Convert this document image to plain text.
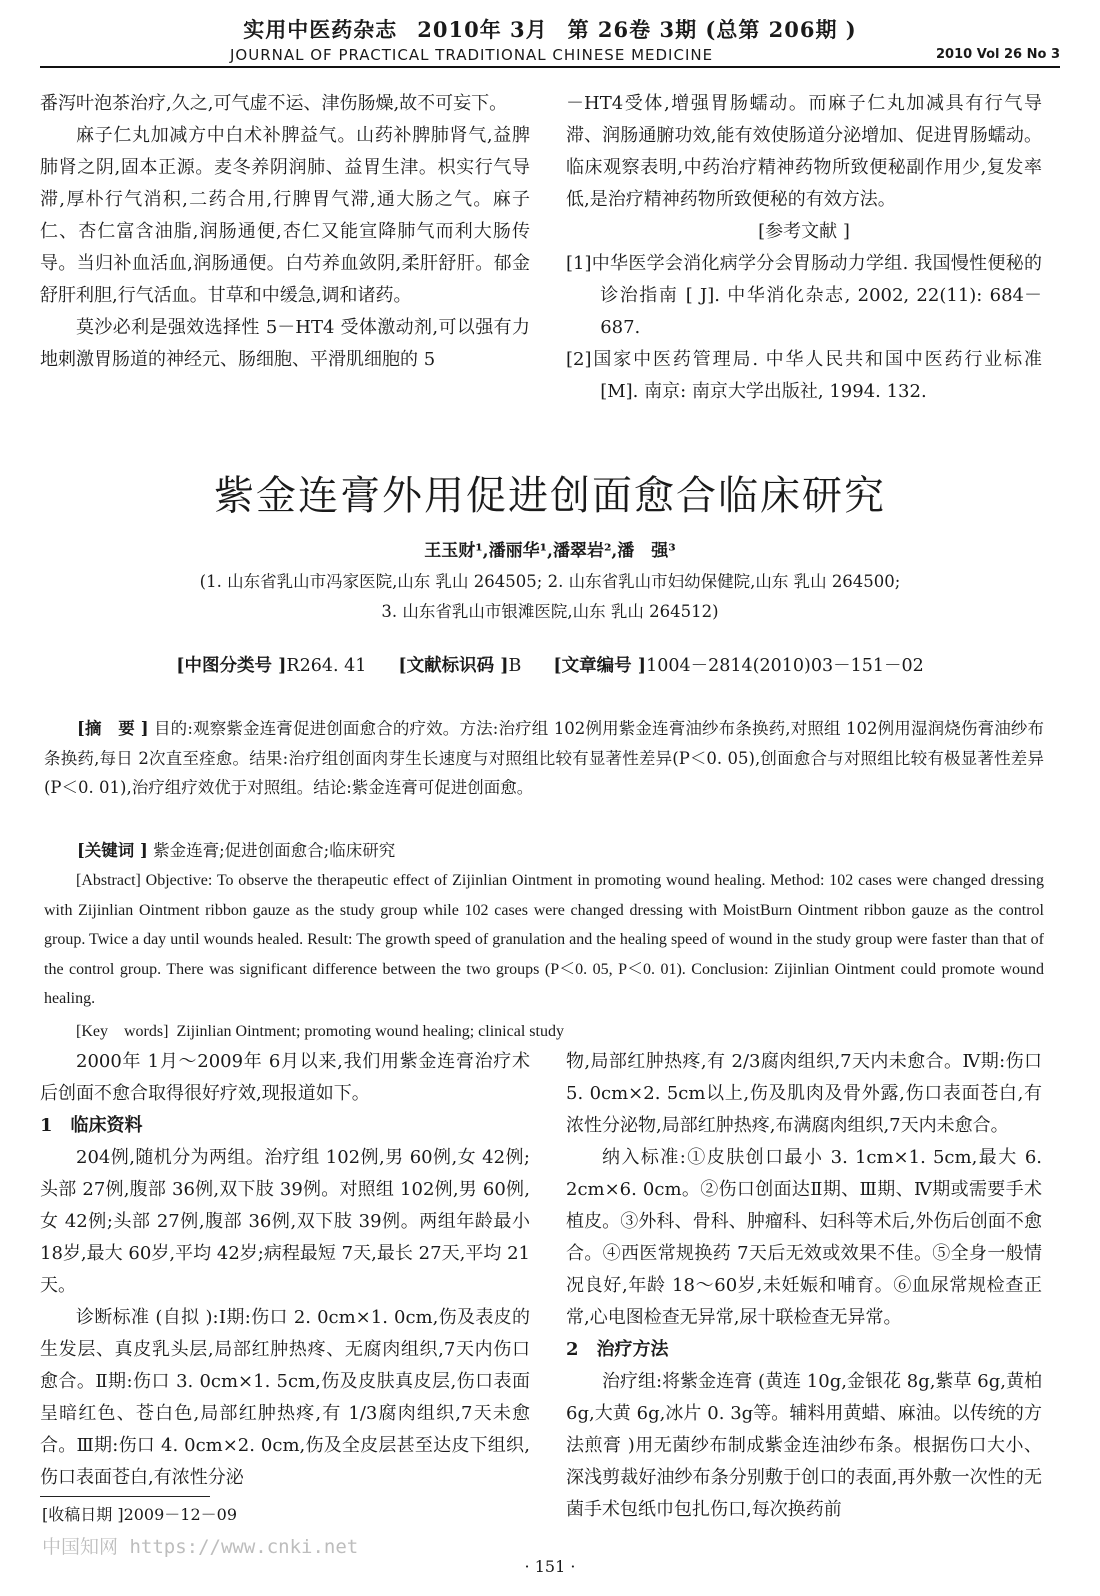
实用中医药杂志 2010年 3月 第 26卷 3期 (总第 206期 )
JOURNAL OF PRACTICAL TRADITIONAL CHINESE MEDICINE	2010 Vol 26 No 3

番泻叶泡茶治疗,久之,可气虚不运、津伤肠燥,故不可妄下。

麻子仁丸加减方中白术补脾益气。山药补脾肺肾气,益脾肺肾之阴,固本正源。麦冬养阴润肺、益胃生津。枳实行气导滞,厚朴行气消积,二药合用,行脾胃气滞,通大肠之气。麻子仁、杏仁富含油脂,润肠通便,杏仁又能宣降肺气而利大肠传导。当归补血活血,润肠通便。白芍养血敛阴,柔肝舒肝。郁金舒肝利胆,行气活血。甘草和中缓急,调和诸药。

莫沙必利是强效选择性 5－HT4 受体激动剂,可以强有力地刺激胃肠道的神经元、肠细胞、平滑肌细胞的 5

－HT4受体,增强胃肠蠕动。而麻子仁丸加减具有行气导滞、润肠通腑功效,能有效使肠道分泌增加、促进胃肠蠕动。临床观察表明,中药治疗精神药物所致便秘副作用少,复发率低,是治疗精神药物所致便秘的有效方法。

[参考文献 ]

[1]中华医学会消化病学分会胃肠动力学组. 我国慢性便秘的诊治指南 [ J]. 中华消化杂志, 2002, 22(11): 684－687.

[2]国家中医药管理局. 中华人民共和国中医药行业标准 [M]. 南京: 南京大学出版社, 1994. 132.

紫金连膏外用促进创面愈合临床研究
王玉财¹,潘丽华¹,潘翠岩²,潘　强³
(1. 山东省乳山市冯家医院,山东 乳山 264505; 2. 山东省乳山市妇幼保健院,山东 乳山 264500;
3. 山东省乳山市银滩医院,山东 乳山 264512)
[中图分类号 ]R264. 41 [文献标识码 ]B [文章编号 ]1004－2814(2010)03－151－02
[摘　要 ] 目的:观察紫金连膏促进创面愈合的疗效。方法:治疗组 102例用紫金连膏油纱布条换药,对照组 102例用湿润烧伤膏油纱布条换药,每日 2次直至痊愈。结果:治疗组创面肉芽生长速度与对照组比较有显著性差异(P＜0. 05),创面愈合与对照组比较有极显著性差异(P＜0. 01),治疗组疗效优于对照组。结论:紫金连膏可促进创面愈。
[关键词 ] 紫金连膏;促进创面愈合;临床研究
[Abstract] Objective: To observe the therapeutic effect of Zijinlian Ointment in promoting wound healing. Method: 102 cases were changed dressing with Zijinlian Ointment ribbon gauze as the study group while 102 cases were changed dressing with MoistBurn Ointment ribbon gauze as the control group. Twice a day until wounds healed. Result: The growth speed of granulation and the healing speed of wound in the study group were faster than that of the control group. There was significant difference between the two groups (P＜0. 05, P＜0. 01). Conclusion: Zijinlian Ointment could promote wound healing.
[Key　words] Zijinlian Ointment; promoting wound healing; clinical study

2000年 1月～2009年 6月以来,我们用紫金连膏治疗术后创面不愈合取得很好疗效,现报道如下。

1　临床资料

204例,随机分为两组。治疗组 102例,男 60例,女 42例;头部 27例,腹部 36例,双下肢 39例。对照组 102例,男 60例,女 42例;头部 27例,腹部 36例,双下肢 39例。两组年龄最小 18岁,最大 60岁,平均 42岁;病程最短 7天,最长 27天,平均 21天。

诊断标准 (自拟 ):Ⅰ期:伤口 2. 0cm×1. 0cm,伤及表皮的生发层、真皮乳头层,局部红肿热疼、无腐肉组织,7天内伤口愈合。Ⅱ期:伤口 3. 0cm×1. 5cm,伤及皮肤真皮层,伤口表面呈暗红色、苍白色,局部红肿热疼,有 1/3腐肉组织,7天未愈合。Ⅲ期:伤口 4. 0cm×2. 0cm,伤及全皮层甚至达皮下组织,伤口表面苍白,有浓性分泌

物,局部红肿热疼,有 2/3腐肉组织,7天内未愈合。Ⅳ期:伤口 5. 0cm×2. 5cm以上,伤及肌肉及骨外露,伤口表面苍白,有浓性分泌物,局部红肿热疼,布满腐肉组织,7天内未愈合。

纳入标准:①皮肤创口最小 3. 1cm×1. 5cm,最大 6. 2cm×6. 0cm。②伤口创面达Ⅱ期、Ⅲ期、Ⅳ期或需要手术植皮。③外科、骨科、肿瘤科、妇科等术后,外伤后创面不愈合。④西医常规换药 7天后无效或效果不佳。⑤全身一般情况良好,年龄 18～60岁,未妊娠和哺育。⑥血尿常规检查正常,心电图检查无异常,尿十联检查无异常。

2　治疗方法

治疗组:将紫金连膏 (黄连 10g,金银花 8g,紫草 6g,黄柏 6g,大黄 6g,冰片 0. 3g等。辅料用黄蜡、麻油。以传统的方法煎膏 )用无菌纱布制成紫金连油纱布条。根据伤口大小、深浅剪裁好油纱布条分别敷于创口的表面,再外敷一次性的无菌手术包纸巾包扎伤口,每次换药前

[收稿日期 ]2009－12－09
中国知网 https://www.cnki.net
· 151 ·
